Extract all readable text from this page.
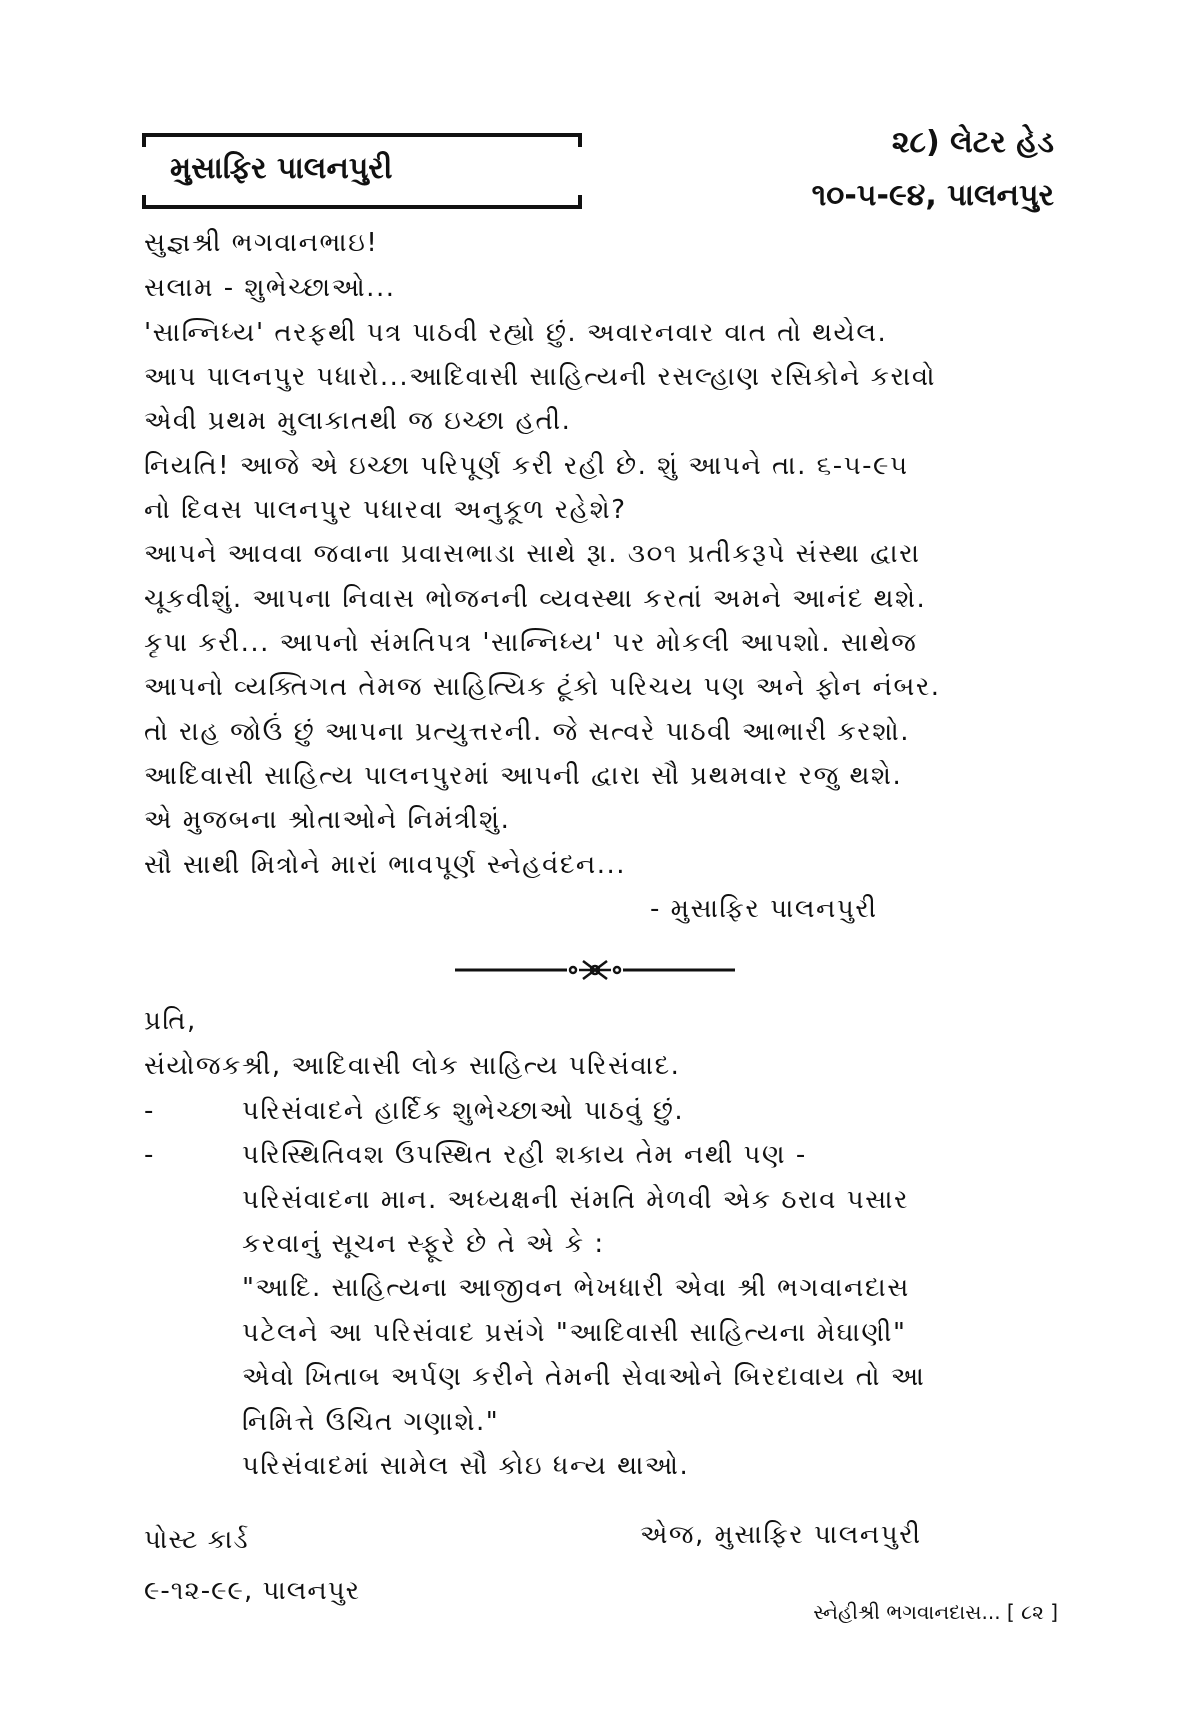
મુસાફિર પાલનપુરી
૨૮) લેટર હેડ
૧૦-૫-૯૪, પાલનપુર
સુજ્ઞશ્રી ભગવાનભાઇ!
સલામ - શુભેચ્છાઓ...
'સાન્નિધ્ય' તરફથી પત્ર પાઠવી રહ્યો છું. અવારનવાર વાત તો થયેલ.
આપ પાલનપુર પધારો...આદિવાસી સાહિત્યની રસલ્હાણ રસિકોને કરાવો
એવી પ્રથમ મુલાકાતથી જ ઇચ્છા હતી.
નિયતિ! આજે એ ઇચ્છા પરિપૂર્ણ કરી રહી છે. શું આપને તા. ૬-૫-૯૫
નો દિવસ પાલનપુર પધારવા અનુકૂળ રહેશે?
આપને આવવા જવાના પ્રવાસભાડા સાથે રૂા. ૩૦૧ પ્રતીકરૂપે સંસ્થા દ્વારા
ચૂકવીશું. આપના નિવાસ ભોજનની વ્યવસ્થા કરતાં અમને આનંદ થશે.
કૃપા કરી... આપનો સંમતિપત્ર 'સાન્નિધ્ય' પર મોકલી આપશો. સાથેજ
આપનો વ્યક્તિગત તેમજ સાહિત્યિક ટૂંકો પરિચય પણ અને ફોન નંબર.
તો રાહ જોઉં છું આપના પ્રત્યુત્તરની. જે સત્વરે પાઠવી આભારી કરશો.
આદિવાસી સાહિત્ય પાલનપુરમાં આપની દ્વારા સૌ પ્રથમવાર રજુ થશે.
એ મુજબના શ્રોતાઓને નિમંત્રીશું.
સૌ સાથી મિત્રોને મારાં ભાવપૂર્ણ સ્નેહવંદન...
- મુસાફિર પાલનપુરી
પ્રતિ,
સંયોજકશ્રી, આદિવાસી લોક સાહિત્ય પરિસંવાદ.
-	પરિસંવાદને હાર્દિક શુભેચ્છાઓ પાઠવું છું.
-	પરિસ્થિતિવશ ઉપસ્થિત રહી શકાય તેમ નથી પણ -
પરિસંવાદના માન. અધ્યક્ષની સંમતિ મેળવી એક ઠરાવ પસાર
કરવાનું સૂચન સ્ફૂરે છે તે એ કે :
"આદિ. સાહિત્યના આજીવન ભેખધારી એવા શ્રી ભગવાનદાસ
પટેલને આ પરિસંવાદ પ્રસંગે "આદિવાસી સાહિત્યના મેઘાણી"
એવો ખિતાબ અર્પણ કરીને તેમની સેવાઓને બિરદાવાય તો આ
નિમિત્તે ઉચિત ગણાશે."
પરિસંવાદમાં સામેલ સૌ કોઇ ધન્ય થાઓ.
પોસ્ટ કાર્ડ	એજ, મુસાફિર પાલનપુરી
૯-૧૨-૯૯, પાલનપુર
સ્નેહીશ્રી ભગવાનદાસ... [ ૮૨ ]
